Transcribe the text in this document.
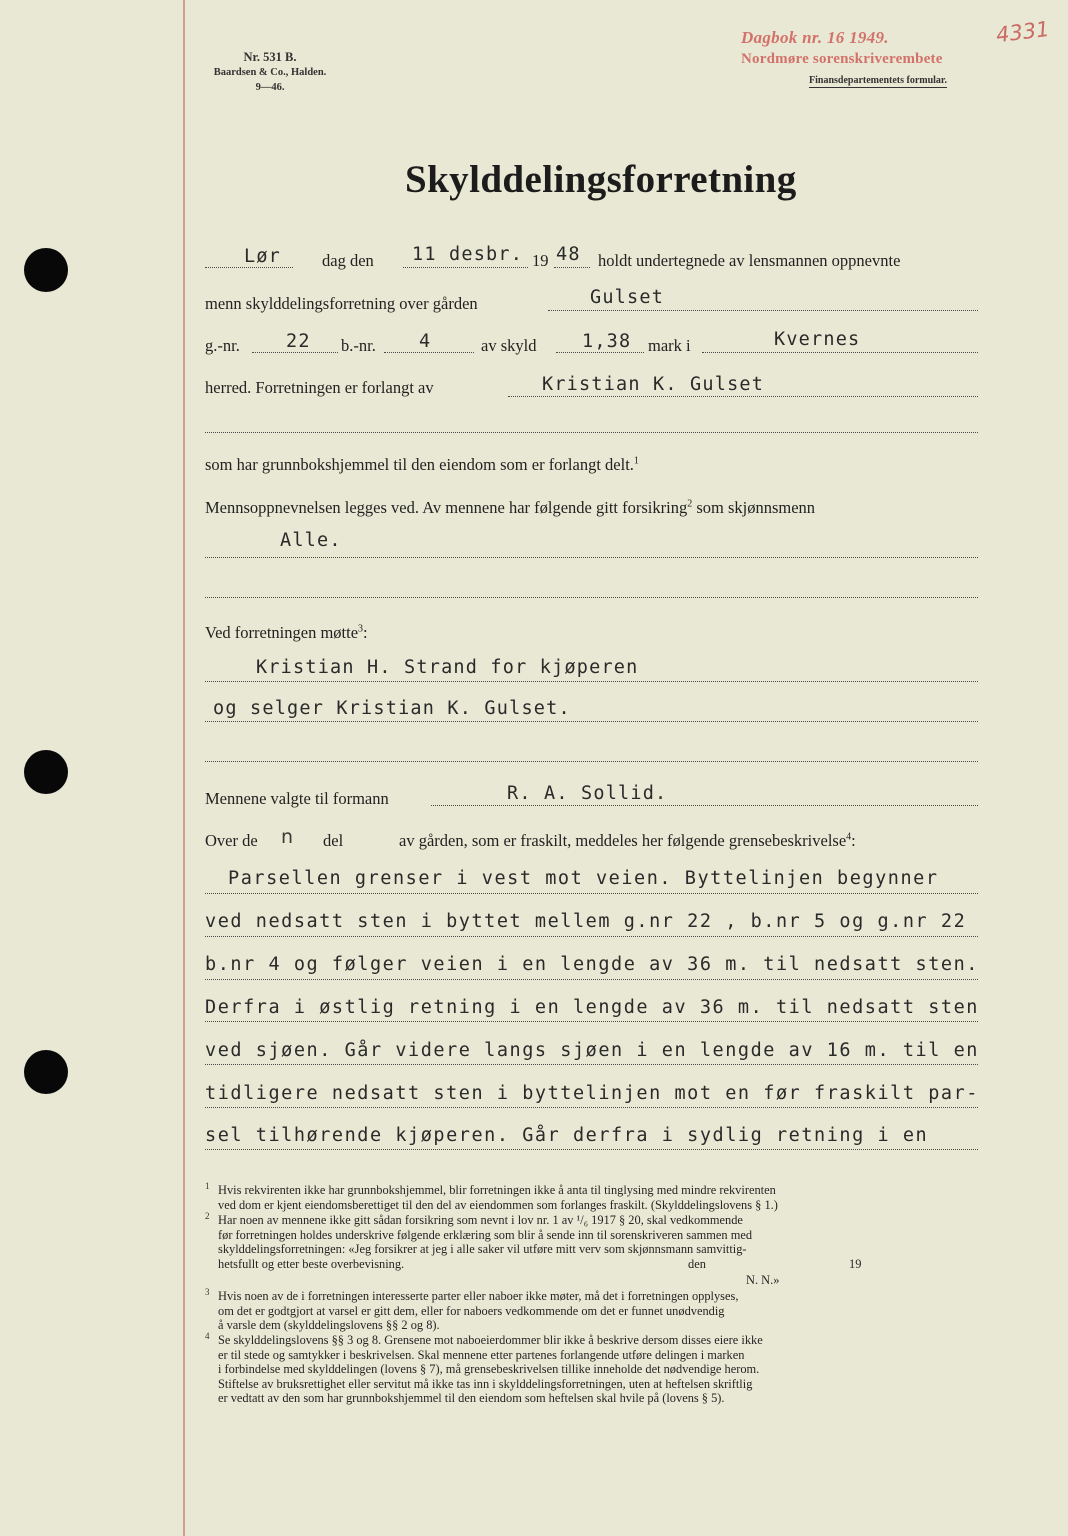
Nr. 531 B.
Baardsen & Co., Halden.
9—46.
Dagbok nr. 16 1949.
Nordmøre sorenskriverembete
4331
Finansdepartementets formular.
Skylddelingsforretning
Lør dag den 11 desbr. 19 48 holdt undertegnede av lensmannen oppnevnte
menn skylddelingsforretning over gården	Gulset
g.-nr. 22 b.-nr. 4	av skyld 1,38 mark i	Kvernes
herred. Forretningen er forlangt av	Kristian K. Gulset
som har grunnbokshjemmel til den eiendom som er forlangt delt.$^1$
Mennsoppnevnelsen legges ved. Av mennene har følgende gitt forsikring$^2$ som skjønnsmenn
Alle.
Ved forretningen møtte$^3$:
Kristian H. Strand for kjøperen
og selger Kristian K. Gulset.
Mennene valgte til formann	R. A. Sollid.
Over de n del	av gården, som er fraskilt, meddeles her følgende grensebeskrivelse$^4$:
Parsellen grenser i vest mot veien. Byttelinjen begynner
ved nedsatt sten i byttet mellem g.nr 22 , b.nr 5 og g.nr 22
b.nr 4 og følger veien i en lengde av 36 m. til nedsatt sten.
Derfra i østlig retning i en lengde av 36 m. til nedsatt sten
ved sjøen. Går videre langs sjøen i en lengde av 16 m. til en
tidligere nedsatt sten i byttelinjen mot en før fraskilt par-
sel tilhørende kjøperen. Går derfra i sydlig retning i en
1 Hvis rekvirenten ikke har grunnbokshjemmel, blir forretningen ikke å anta til tinglysing med mindre rekvirenten
ved dom er kjent eiendomsberettiget til den del av eiendommen som forlanges fraskilt. (Skylddelingslovens § 1.)
2 Har noen av mennene ikke gitt sådan forsikring som nevnt i lov nr. 1 av ¹/₆ 1917 § 20, skal vedkommende
før forretningen holdes underskrive følgende erklæring som blir å sende inn til sorenskriveren sammen med
skylddelingsforretningen: «Jeg forsikrer at jeg i alle saker vil utføre mitt verv som skjønnsmann samvittig-
hetsfullt og etter beste overbevisning.	den	19
N. N.»
3 Hvis noen av de i forretningen interesserte parter eller naboer ikke møter, må det i forretningen opplyses,
om det er godtgjort at varsel er gitt dem, eller for naboers vedkommende om det er funnet unødvendig
å varsle dem (skylddelingslovens §§ 2 og 8).
4 Se skylddelingslovens §§ 3 og 8. Grensene mot naboeierdommer blir ikke å beskrive dersom disses eiere ikke
er til stede og samtykker i beskrivelsen. Skal mennene etter partenes forlangende utføre delingen i marken
i forbindelse med skylddelingen (lovens § 7), må grensebeskrivelsen tillike inneholde det nødvendige herom.
Stiftelse av bruksrettighet eller servitut må ikke tas inn i skylddelingsforretningen, uten at heftelsen skriftlig
er vedtatt av den som har grunnbokshjemmel til den eiendom som heftelsen skal hvile på (lovens § 5).
